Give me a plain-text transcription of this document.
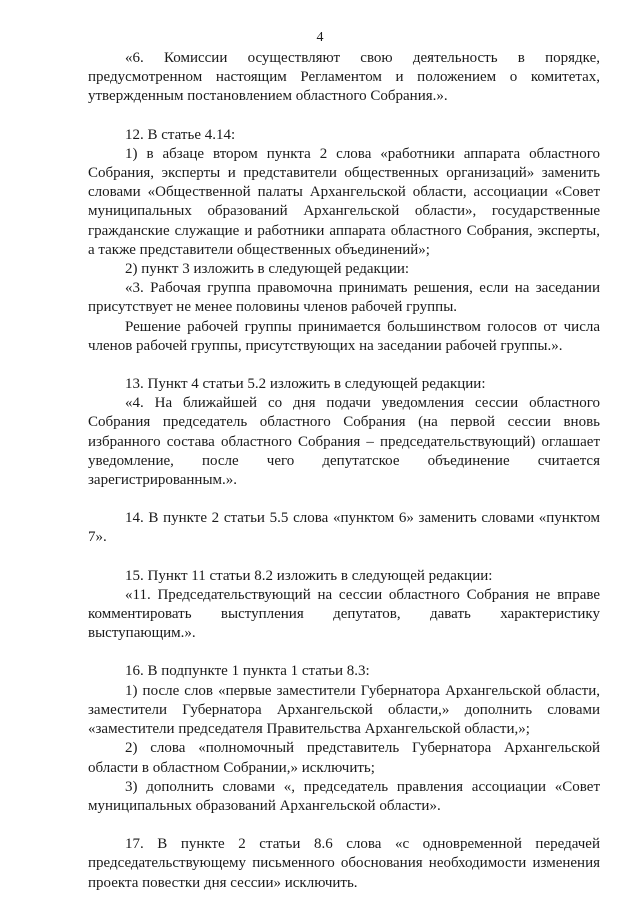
4

«6. Комиссии осуществляют свою деятельность в порядке, предусмотренном настоящим Регламентом и положением о комитетах, утвержденным постановлением областного Собрания.».

12. В статье 4.14:

1) в абзаце втором пункта 2 слова «работники аппарата областного Собрания, эксперты и представители общественных организаций» заменить словами «Общественной палаты Архангельской области, ассоциации «Совет муниципальных образований Архангельской области», государственные гражданские служащие и работники аппарата областного Собрания, эксперты, а также представители общественных объединений»;

2) пункт 3 изложить в следующей редакции:

«3. Рабочая группа правомочна принимать решения, если на заседании присутствует не менее половины членов рабочей группы.

Решение рабочей группы принимается большинством голосов от числа членов рабочей группы, присутствующих на заседании рабочей группы.».

13. Пункт 4 статьи 5.2 изложить в следующей редакции:

«4. На ближайшей со дня подачи уведомления сессии областного Собрания председатель областного Собрания (на первой сессии вновь избранного состава областного Собрания – председательствующий) оглашает уведомление, после чего депутатское объединение считается зарегистрированным.».

14. В пункте 2 статьи 5.5 слова «пунктом 6» заменить словами «пунктом 7».

15. Пункт 11 статьи 8.2 изложить в следующей редакции:

«11. Председательствующий на сессии областного Собрания не вправе комментировать выступления депутатов, давать характеристику выступающим.».

16. В подпункте 1 пункта 1 статьи 8.3:

1) после слов «первые заместители Губернатора Архангельской области, заместители Губернатора Архангельской области,» дополнить словами «заместители председателя Правительства Архангельской области,»;

2) слова «полномочный представитель Губернатора Архангельской области в областном Собрании,» исключить;

3) дополнить словами «, председатель правления ассоциации «Совет муниципальных образований Архангельской области».

17. В пункте 2 статьи 8.6 слова «с одновременной передачей председательствующему письменного обоснования необходимости изменения проекта повестки дня сессии» исключить.
